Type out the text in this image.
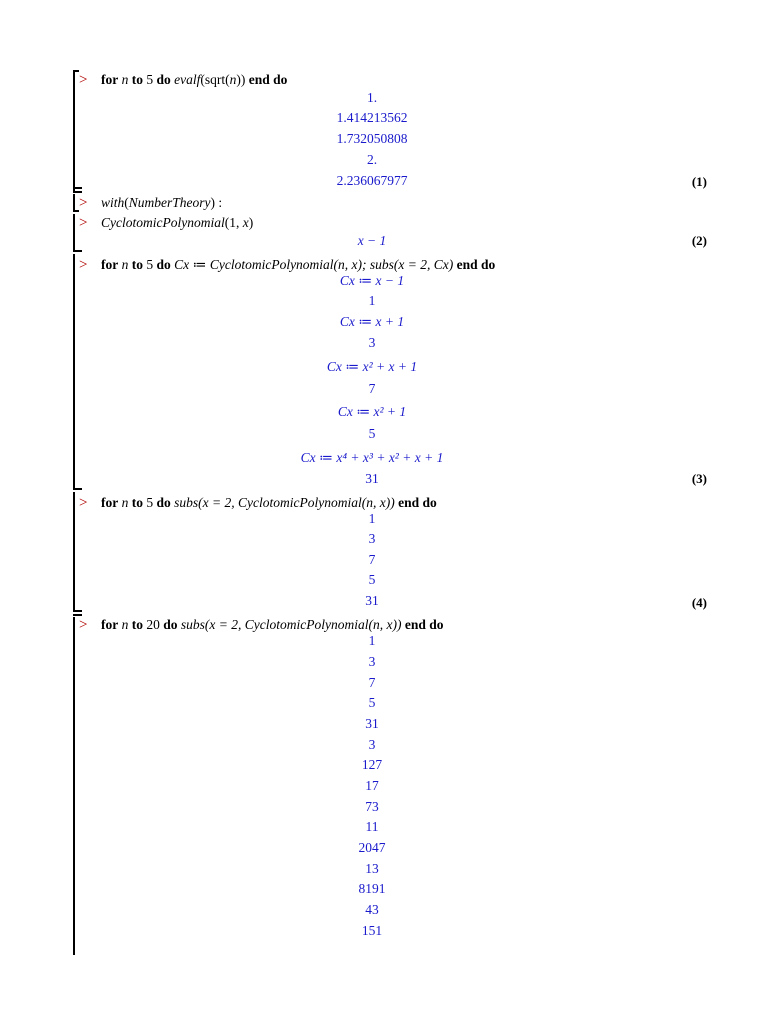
> for n to 5 do evalf(sqrt(n)) end do
1.
1.414213562
1.732050808
2.
2.236067977	(1)
> with(NumberTheory) :
> CyclotomicPolynomial(1, x)
x − 1	(2)
> for n to 5 do Cx ≔ CyclotomicPolynomial(n, x); subs(x = 2, Cx) end do
Cx ≔ x − 1
1
Cx ≔ x + 1
3
Cx ≔ x² + x + 1
7
Cx ≔ x² + 1
5
Cx ≔ x⁴ + x³ + x² + x + 1
31	(3)
> for n to 5 do subs(x = 2, CyclotomicPolynomial(n, x)) end do
1
3
7
5
31	(4)
> for n to 20 do subs(x = 2, CyclotomicPolynomial(n, x)) end do
1
3
7
5
31
3
127
17
73
11
2047
13
8191
43
151
